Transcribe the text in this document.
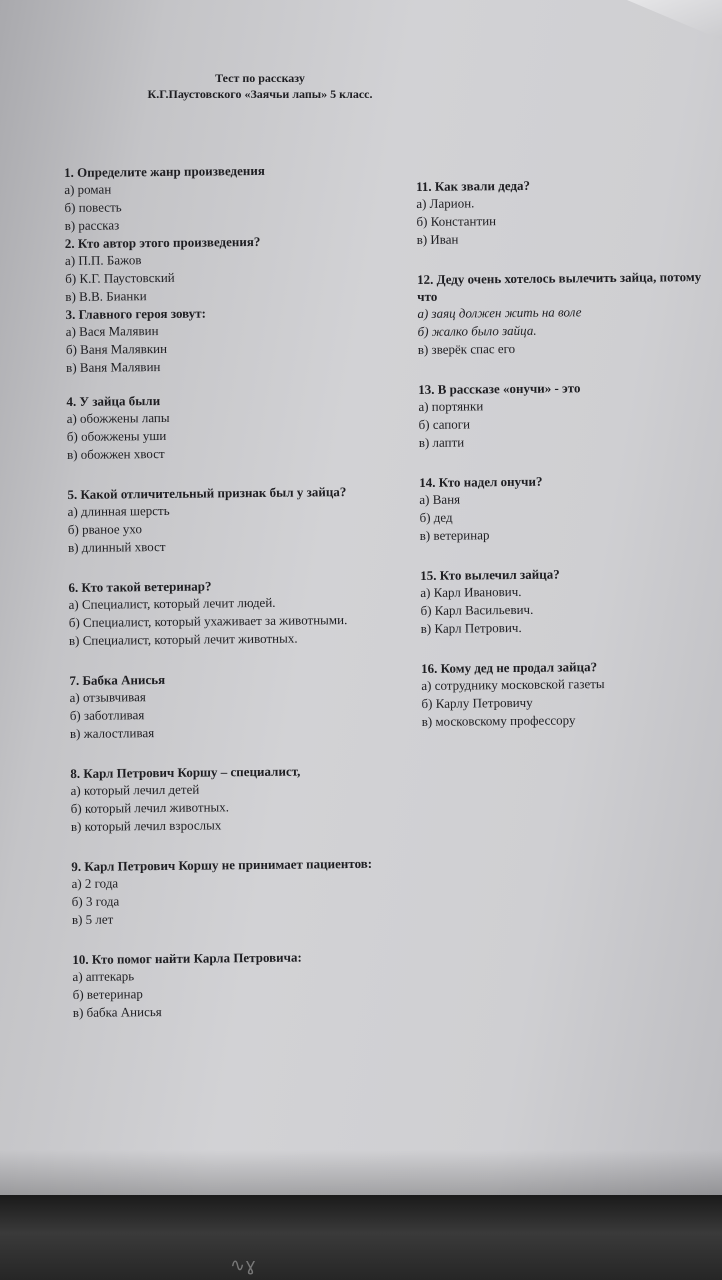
Тест по рассказу
К.Г.Паустовского «Заячьи лапы» 5 класс.
1. Определите жанр произведения
а) роман
б) повесть
в) рассказ
2. Кто автор этого произведения?
а) П.П. Бажов
б) К.Г. Паустовский
в) В.В. Бианки
3. Главного героя зовут:
а) Вася Малявин
б) Ваня Малявкин
в) Ваня Малявин
4. У зайца были
а) обожжены лапы
б) обожжены уши
в) обожжен хвост
5. Какой отличительный признак был у зайца?
а) длинная шерсть
б) рваное ухо
в) длинный хвост
6. Кто такой ветеринар?
а) Специалист, который лечит людей.
б) Специалист, который ухаживает за животными.
в) Специалист, который лечит животных.
7. Бабка Анисья
а) отзывчивая
б) заботливая
в) жалостливая
8. Карл Петрович Коршу – специалист,
а) который лечил детей
б) который лечил животных.
в) который лечил взрослых
9. Карл Петрович Коршу не принимает пациентов:
а) 2 года
б) 3 года
в) 5 лет
10. Кто помог найти Карла Петровича:
а) аптекарь
б) ветеринар
в) бабка Анисья
11. Как звали деда?
а) Ларион.
б) Константин
в) Иван
12. Деду очень хотелось вылечить зайца, потому что
а) заяц должен жить на воле
б) жалко было зайца.
в) зверёк спас его
13. В рассказе «онучи» - это
а) портянки
б) сапоги
в) лапти
14. Кто надел онучи?
а) Ваня
б) дед
в) ветеринар
15. Кто вылечил зайца?
а) Карл Иванович.
б) Карл Васильевич.
в) Карл Петрович.
16. Кому дед не продал зайца?
а) сотруднику московской газеты
б) Карлу Петровичу
в) московскому профессору
∿ɣ
